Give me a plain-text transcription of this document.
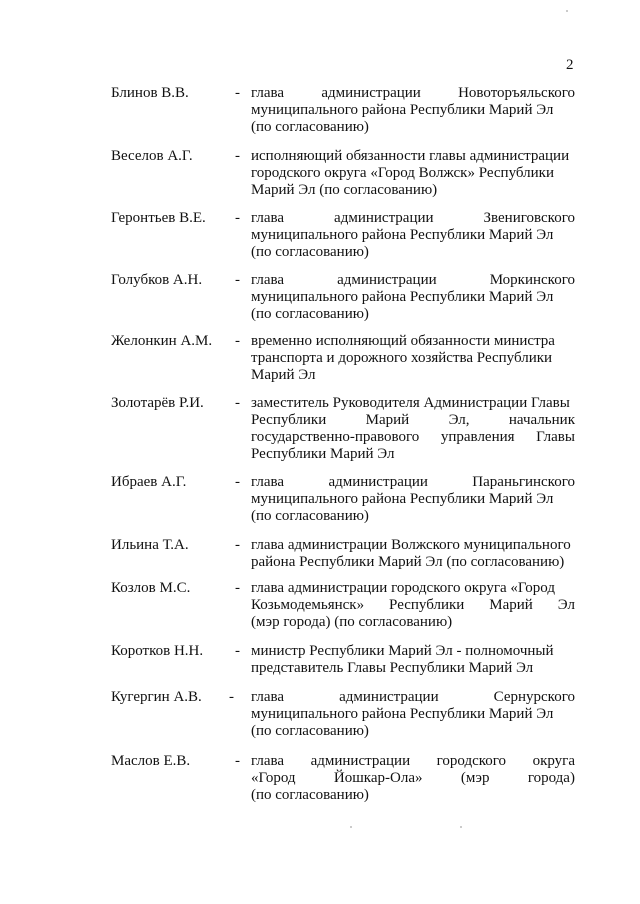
2
Блинов В.В.	- глава администрации Новоторъяльского
муниципального района Республики Марий Эл
(по согласованию)
Веселов А.Г.	- исполняющий обязанности главы администрации
городского округа «Город Волжск» Республики
Марий Эл (по согласованию)
Геронтьев В.Е. - глава	администрации	Звениговского
муниципального района Республики Марий Эл
(по согласованию)
Голубков А.Н. - глава	администрации	Моркинского
муниципального района Республики Марий Эл
(по согласованию)
Желонкин А.М. - временно исполняющий обязанности министра
транспорта и дорожного хозяйства Республики
Марий Эл
Золотарёв Р.И. - заместитель Руководителя Администрации Главы
Республики	Марий	Эл,	начальник
государственно-правового управления Главы
Республики Марий Эл
Ибраев А.Г.	- глава	администрации	Параньгинского
муниципального района Республики Марий Эл
(по согласованию)
Ильина Т.А.	- глава администрации Волжского муниципального
района Республики Марий Эл (по согласованию)
Козлов М.С.	- глава администрации городского округа «Город
Козьмодемьянск» Республики Марий Эл
(мэр города) (по согласованию)
Коротков Н.Н. - министр Республики Марий Эл - полномочный
представитель Главы Республики Марий Эл
Кугергин А.В. - глава	администрации	Сернурского
муниципального района Республики Марий Эл
(по согласованию)
Маслов Е.В.	- глава администрации городского округа
«Город	Йошкар-Ола»	(мэр	города)
(по согласованию)
